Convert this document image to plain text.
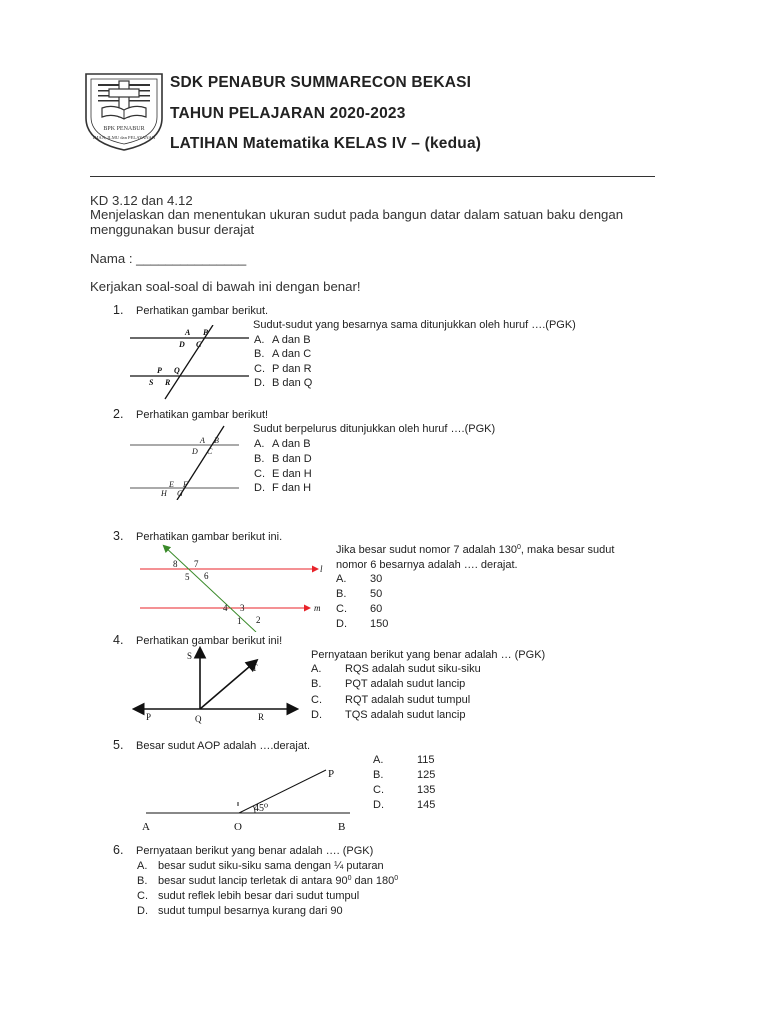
BPK PENABUR
IMAN, ILMU dan PELAYANAN
SDK PENABUR SUMMARECON BEKASI
TAHUN PELAJARAN 2020-2023
LATIHAN Matematika KELAS IV – (kedua)
KD 3.12 dan 4.12
Menjelaskan dan menentukan ukuran sudut pada bangun datar dalam satuan baku dengan
menggunakan busur derajat
Nama : _______________
Kerjakan soal-soal di bawah ini dengan benar!
1. Perhatikan gambar berikut.
A B
D C
P Q
S R
Sudut-sudut yang besarnya sama ditunjukkan oleh huruf ….(PGK)
A. A dan B
B. A dan C
C. P dan R
D. B dan Q
2. Perhatikan gambar berikut!
A B
D C
E F
H G
Sudut berpelurus ditunjukkan oleh huruf ….(PGK)
A. A dan B
B. B dan D
C. E dan H
D. F dan H
3. Perhatikan gambar berikut ini.
8 7
5 6
4 3
1 2
l
m
Jika besar sudut nomor 7 adalah $130^0$, maka besar sudut
nomor 6 besarnya adalah …. derajat.
A. 30
B. 50
C. 60
D. 150
4. Perhatikan gambar berikut ini!
S
T
P	Q	R
Pernyataan berikut yang benar adalah … (PGK)
A. RQS adalah sudut siku-siku
B. PQT adalah sudut lancip
C. RQT adalah sudut tumpul
D. TQS adalah sudut lancip
5. Besar sudut AOP adalah ….derajat.
45⁰
P
A	O	B
A.	115
B.	125
C.	135
D.	145
6. Pernyataan berikut yang benar adalah …. (PGK)
A. besar sudut siku-siku sama dengan ¼ putaran
B. besar sudut lancip terletak di antara $90^0$ dan $180^0$
C. sudut reflek lebih besar dari sudut tumpul
D. sudut tumpul besarnya kurang dari 90
